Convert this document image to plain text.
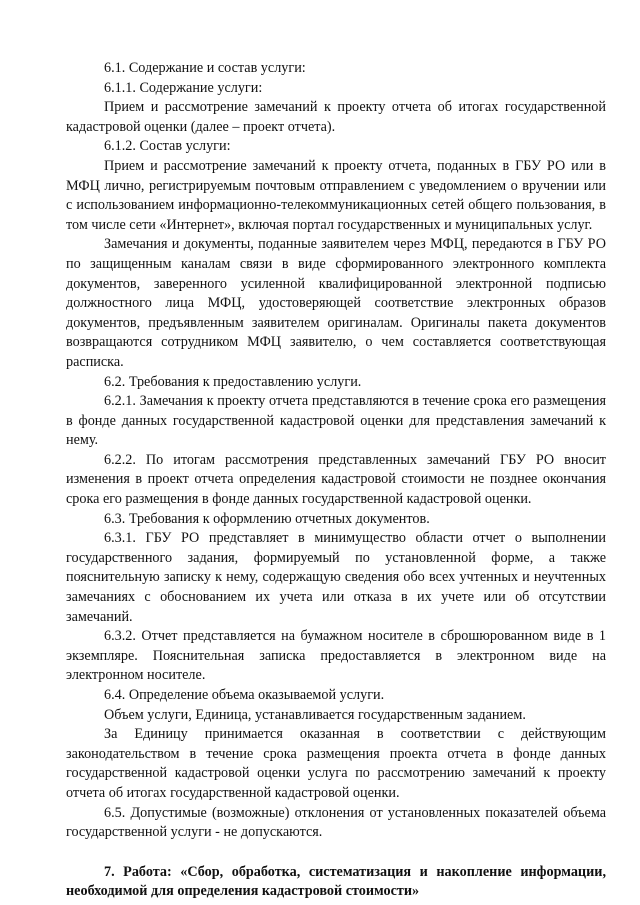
6.1. Содержание и состав услуги:

6.1.1. Содержание услуги:

Прием и рассмотрение замечаний к проекту отчета об итогах государственной кадастровой оценки (далее – проект отчета).

6.1.2. Состав услуги:

Прием и рассмотрение замечаний к проекту отчета, поданных в ГБУ РО или в МФЦ лично, регистрируемым почтовым отправлением с уведомлением о вручении или с использованием информационно-телекоммуникационных сетей общего пользования, в том числе сети «Интернет», включая портал государственных и муниципальных услуг.

Замечания и документы, поданные заявителем через МФЦ, передаются в ГБУ РО по защищенным каналам связи в виде сформированного электронного комплекта документов, заверенного усиленной квалифицированной электронной подписью должностного лица МФЦ, удостоверяющей соответствие электронных образов документов, предъявленным заявителем оригиналам. Оригиналы пакета документов возвращаются сотрудником МФЦ заявителю, о чем составляется соответствующая расписка.

6.2. Требования к предоставлению услуги.

6.2.1. Замечания к проекту отчета представляются в течение срока его размещения в фонде данных государственной кадастровой оценки для представления замечаний к нему.

6.2.2. По итогам рассмотрения представленных замечаний ГБУ РО вносит изменения в проект отчета определения кадастровой стоимости не позднее окончания срока его размещения в фонде данных государственной кадастровой оценки.

6.3. Требования к оформлению отчетных документов.

6.3.1. ГБУ РО представляет в минимущество области отчет о выполнении государственного задания, формируемый по установленной форме, а также пояснительную записку к нему, содержащую сведения обо всех учтенных и неучтенных замечаниях с обоснованием их учета или отказа в их учете или об отсутствии замечаний.

6.3.2. Отчет представляется на бумажном носителе в сброшюрованном виде в 1 экземпляре. Пояснительная записка предоставляется в электронном виде на электронном носителе.

6.4. Определение объема оказываемой услуги.

Объем услуги, Единица, устанавливается государственным заданием.

За Единицу принимается оказанная в соответствии с действующим законодательством в течение срока размещения проекта отчета в фонде данных государственной кадастровой оценки услуга по рассмотрению замечаний к проекту отчета об итогах государственной кадастровой оценки.

6.5. Допустимые (возможные) отклонения от установленных показателей объема государственной услуги - не допускаются.

7. Работа: «Сбор, обработка, систематизация и накопление информации, необходимой для определения кадастровой стоимости»
